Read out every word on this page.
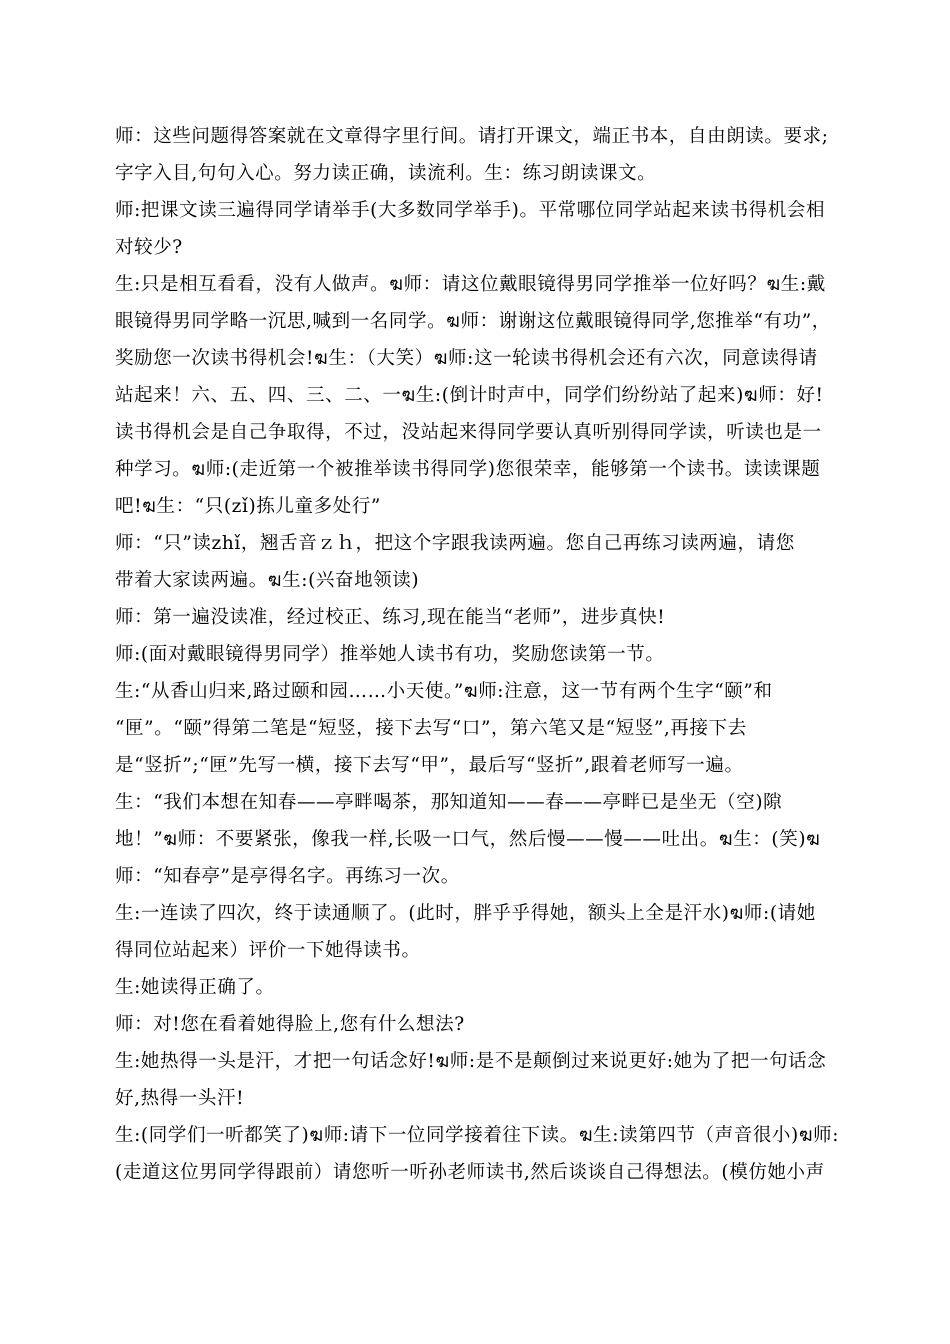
师：这些问题得答案就在文章得字里行间。请打开课文，端正书本，自由朗读。要求;
字字入目,句句入心。努力读正确，读流利。生：练习朗读课文。
师:把课文读三遍得同学请举手(大多数同学举手)。平常哪位同学站起来读书得机会相
对较少?
生:只是相互看看，没有人做声。ฆ师：请这位戴眼镜得男同学推举一位好吗？ฆ生:戴
眼镜得男同学略一沉思,喊到一名同学。ฆ师：谢谢这位戴眼镜得同学,您推举“有功”，
奖励您一次读书得机会!ฆ生：（大笑）ฆ师:这一轮读书得机会还有六次，同意读得请
站起来！六、五、四、三、二、一ฆ生:(倒计时声中，同学们纷纷站了起来)ฆ师：好!
读书得机会是自己争取得，不过，没站起来得同学要认真听别得同学读，听读也是一
种学习。ฆ师:(走近第一个被推举读书得同学)您很荣幸，能够第一个读书。读读课题
吧!ฆ生：“只(zǐ)拣儿童多处行”
师：“只”读zhǐ，翘舌音ｚｈ，把这个字跟我读两遍。您自己再练习读两遍，请您
带着大家读两遍。ฆ生:(兴奋地领读)
师：第一遍没读准，经过校正、练习,现在能当“老师”，进步真快!
师:(面对戴眼镜得男同学）推举她人读书有功，奖励您读第一节。
生:“从香山归来,路过颐和园……小天使。”ฆ师:注意，这一节有两个生字“颐”和
“匣”。“颐”得第二笔是“短竖，接下去写“口”，第六笔又是“短竖”,再接下去
是“竖折”;“匣”先写一横，接下去写“甲”，最后写“竖折”,跟着老师写一遍。
生：“我们本想在知春——亭畔喝茶，那知道知——春——亭畔已是坐无（空)隙
地！”ฆ师：不要紧张，像我一样,长吸一口气，然后慢——慢——吐出。ฆ生：(笑)ฆ
师：“知春亭”是亭得名字。再练习一次。
生:一连读了四次，终于读通顺了。(此时，胖乎乎得她，额头上全是汗水)ฆ师:(请她
得同位站起来）评价一下她得读书。
生:她读得正确了。
师：对!您在看着她得脸上,您有什么想法?
生:她热得一头是汗，才把一句话念好!ฆ师:是不是颠倒过来说更好:她为了把一句话念
好,热得一头汗!
生:(同学们一听都笑了)ฆ师:请下一位同学接着往下读。ฆ生:读第四节（声音很小)ฆ师:
(走道这位男同学得跟前）请您听一听孙老师读书,然后谈谈自己得想法。(模仿她小声
